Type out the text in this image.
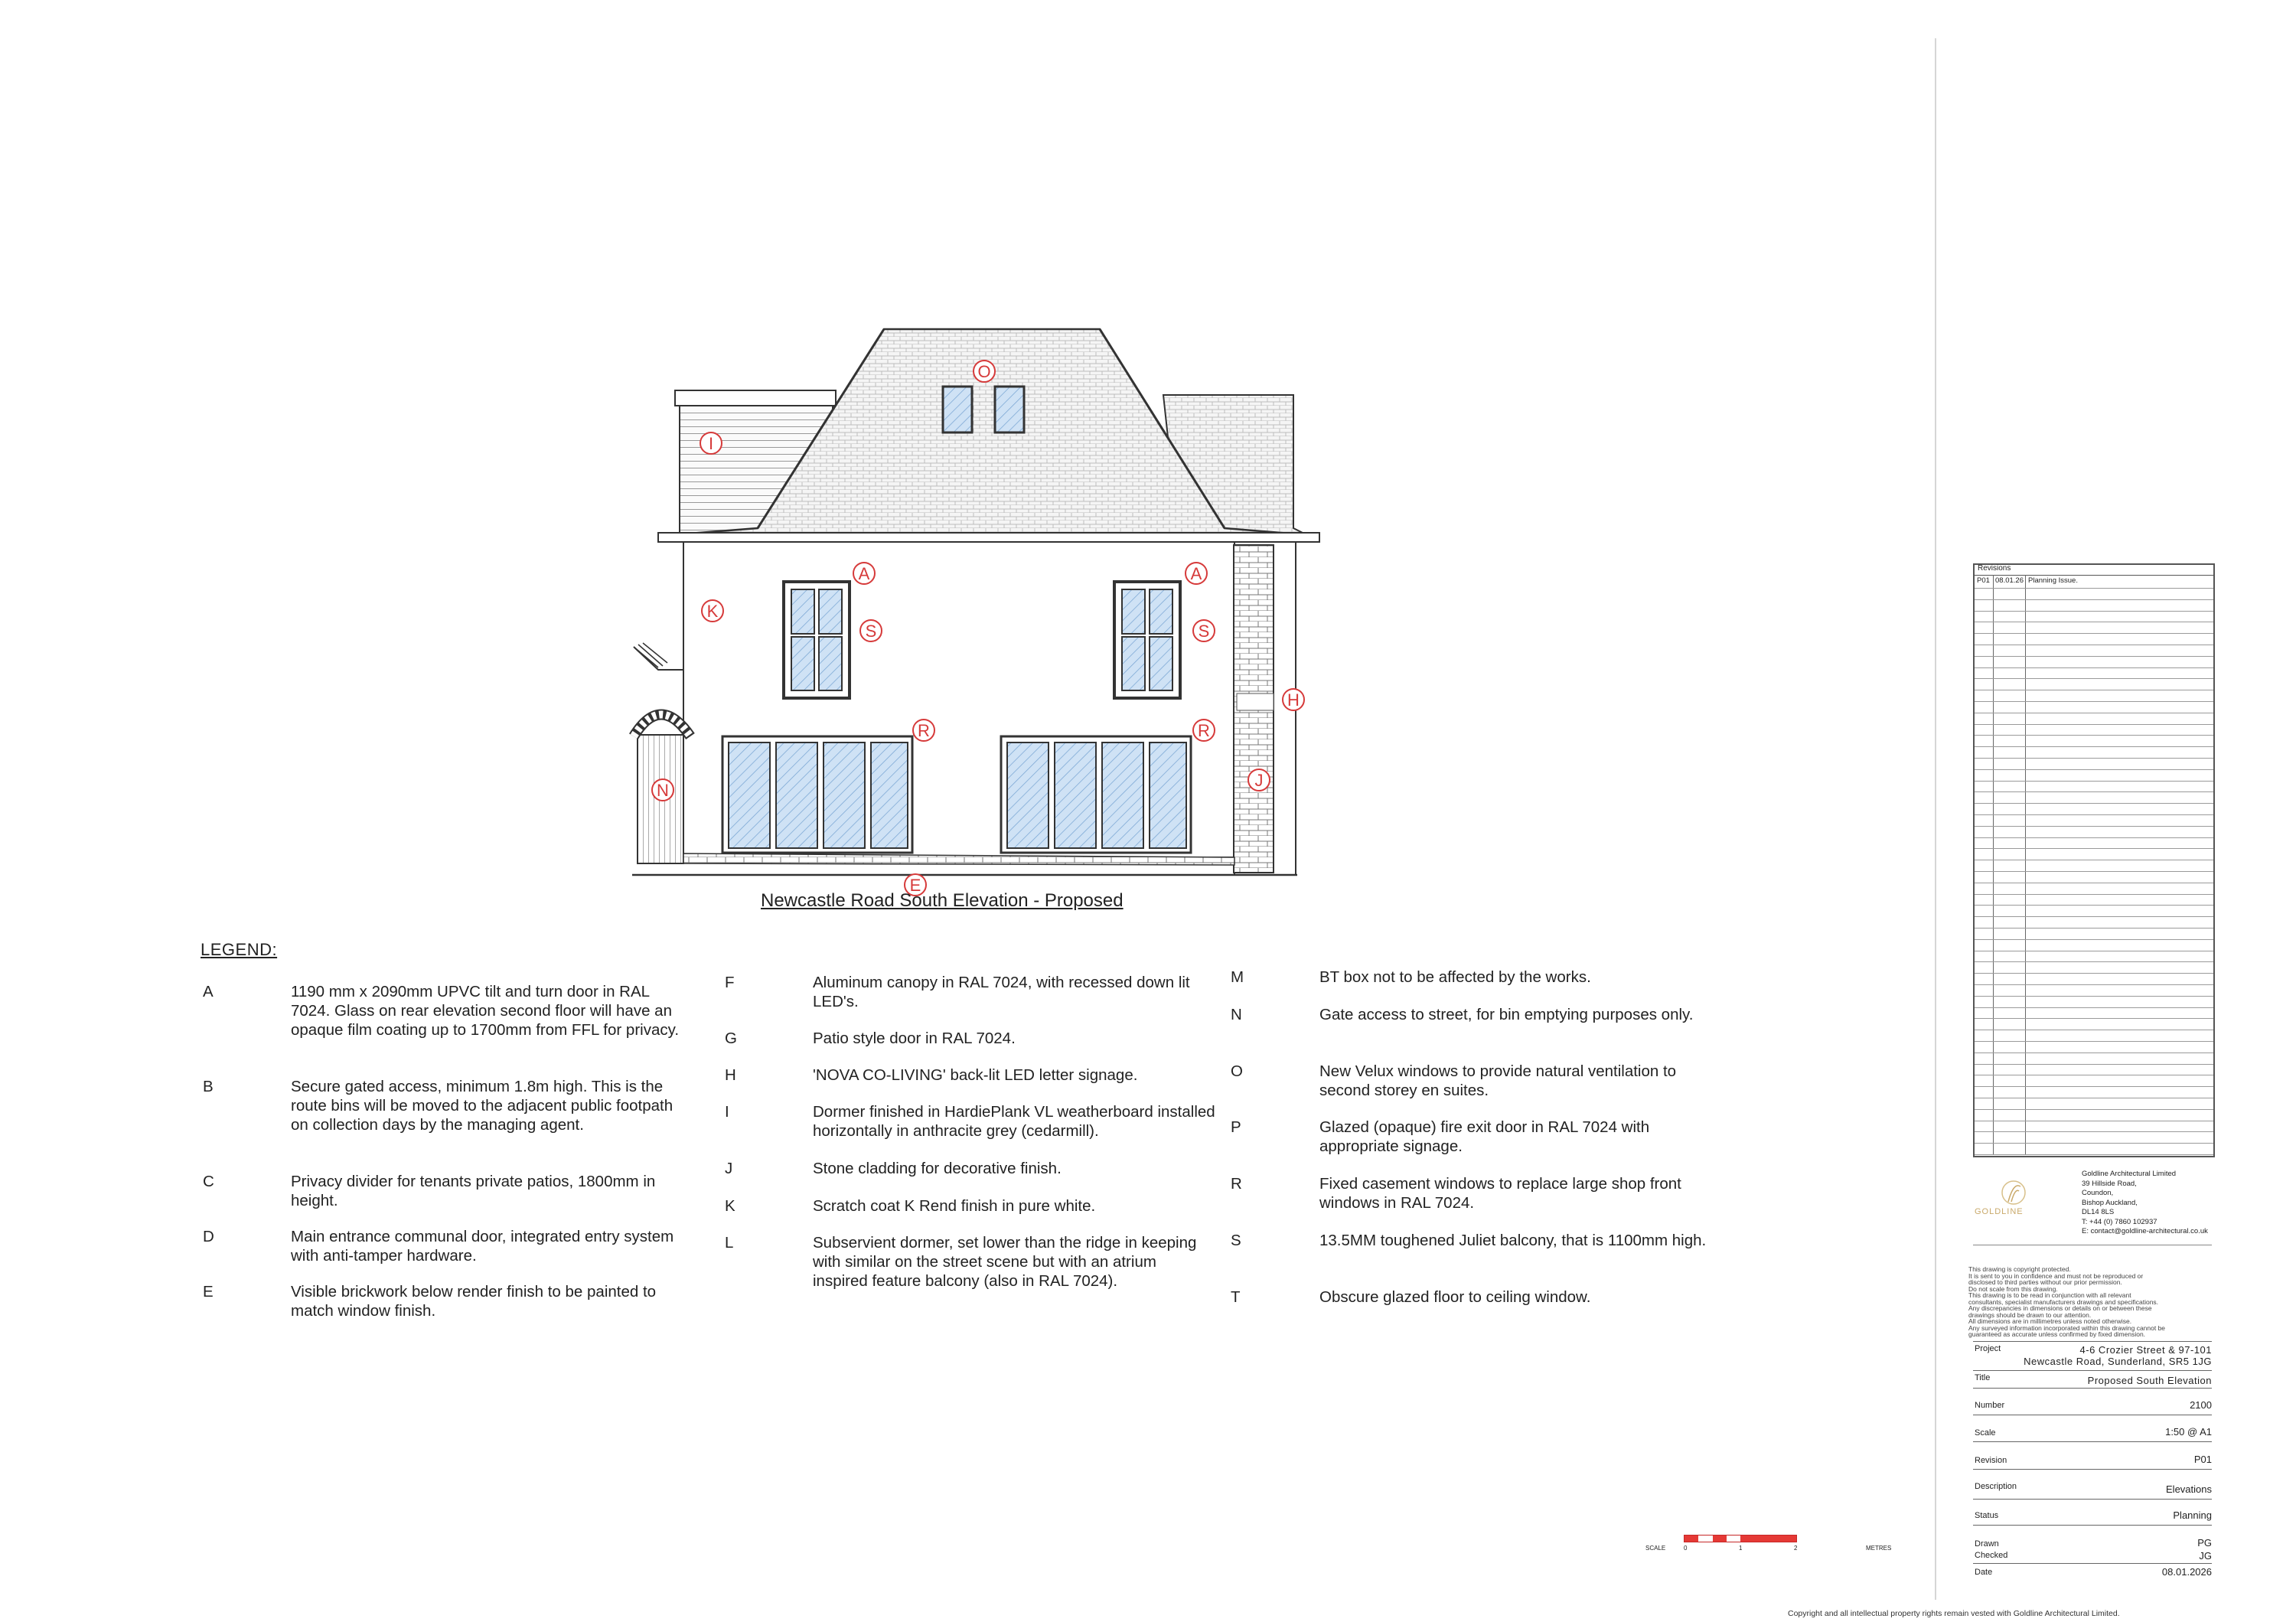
O
I
K
A	A
S	S
R	R
H
J
N
E
Newcastle Road South Elevation - Proposed
LEGEND:
A	1190 mm x 2090mm UPVC tilt and turn door in RAL 7024. Glass on rear elevation second floor will have an opaque film coating up to 1700mm from FFL for privacy.
B	Secure gated access, minimum 1.8m high. This is the route bins will be moved to the adjacent public footpath on collection days by the managing agent.
C	Privacy divider for tenants private patios, 1800mm in height.
D	Main entrance communal door, integrated entry system with anti-tamper hardware.
E	Visible brickwork below render finish to be painted to match window finish.
F	Aluminum canopy in RAL 7024, with recessed down lit LED's.
G	Patio style door in RAL 7024.
H	'NOVA CO-LIVING' back-lit LED letter signage.
I	Dormer finished in HardiePlank VL weatherboard installed horizontally in anthracite grey (cedarmill).
J	Stone cladding for decorative finish.
K	Scratch coat K Rend finish in pure white.
L	Subservient dormer, set lower than the ridge in keeping with similar on the street scene but with an atrium inspired feature balcony (also in RAL 7024).
M	BT box not to be affected by the works.
N	Gate access to street, for bin emptying purposes only.
O	New Velux windows to provide natural ventilation to second storey en suites.
P	Glazed (opaque) fire exit door in RAL 7024 with appropriate signage.
R	Fixed casement windows to replace large shop front windows in RAL 7024.
S	13.5MM toughened Juliet balcony, that is 1100mm high.
T	Obscure glazed floor to ceiling window.
Revisions
P01 08.01.26 Planning Issue.
GOLDLINE
Goldline Architectural Limited
39 Hillside Road,
Coundon,
Bishop Auckland,
DL14 8LS
T: +44 (0) 7860 102937
E: contact@goldline-architectural.co.uk
This drawing is copyright protected.
It is sent to you in confidence and must not be reproduced or
disclosed to third parties without our prior permission.
Do not scale from this drawing.
This drawing is to be read in conjunction with all relevant
consultants, specialist manufacturers drawings and specifications.
Any discrepancies in dimensions or details on or between these
drawings should be drawn to our attention.
All dimensions are in millimetres unless noted otherwise.
Any surveyed information incorporated within this drawing cannot be
guaranteed as accurate unless confirmed by fixed dimension.
Project	4-6 Crozier Street & 97-101
Newcastle Road, Sunderland, SR5 1JG
Title	Proposed South Elevation
Number	2100
Scale	1:50 @ A1
Revision	P01
Description	Elevations
Status	Planning
Drawn	PG
Checked	JG
Date	08.01.2026
SCALE	0	1	2	METRES
Copyright and all intellectual property rights remain vested with Goldline Architectural Limited.
